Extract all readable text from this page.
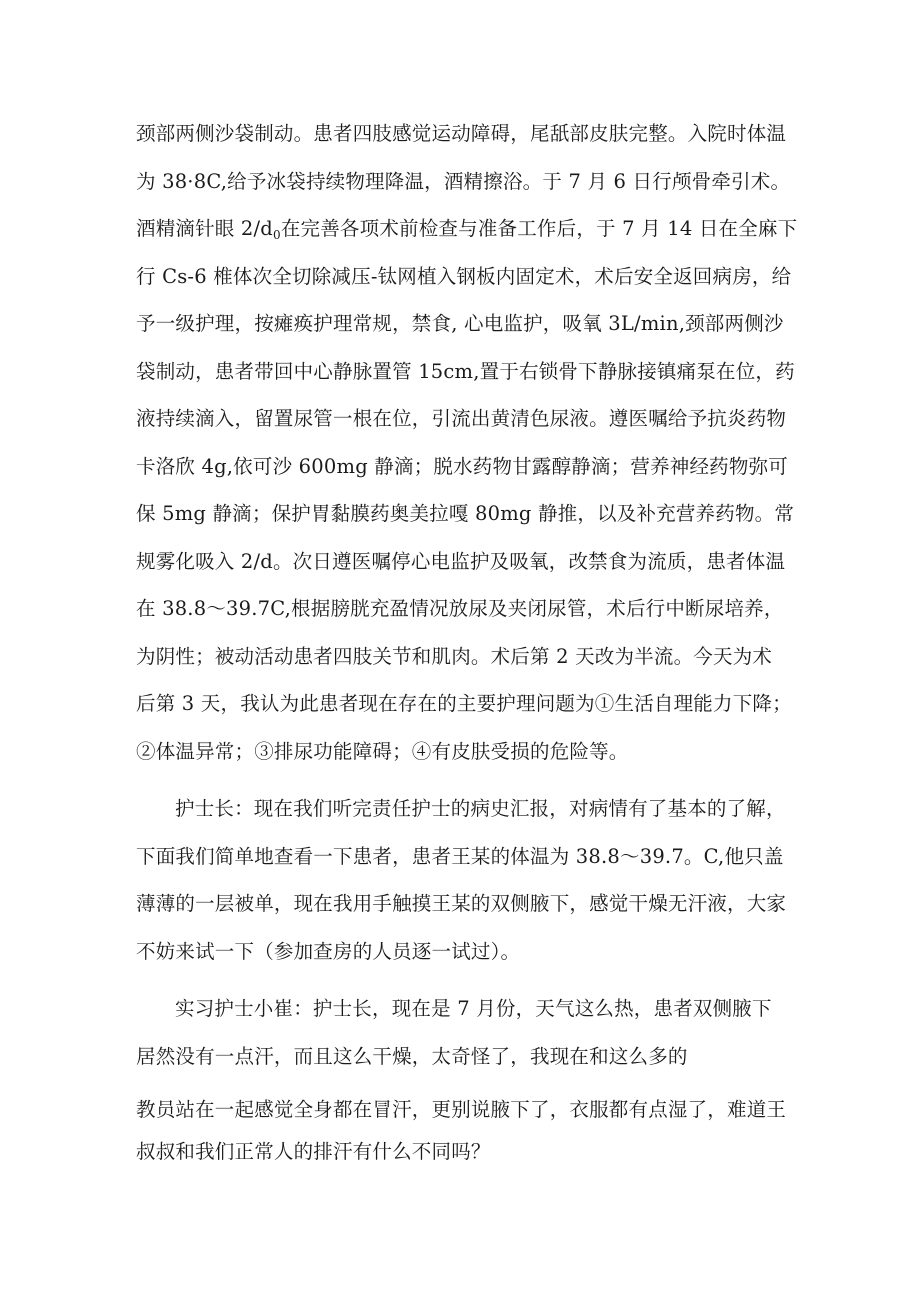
颈部两侧沙袋制动。患者四肢感觉运动障碍，尾舐部皮肤完整。入院时体温
为 38·8C,给予冰袋持续物理降温，酒精擦浴。于 7 月 6 日行颅骨牵引术。
酒精滴针眼 $2/d_0$在完善各项术前检查与准备工作后，于 7 月 14 日在全麻下
行 Cs-6 椎体次全切除减压-钛网植入钢板内固定术，术后安全返回病房，给
予一级护理，按瘫痪护理常规，禁食, 心电监护，吸氧 3L/min,颈部两侧沙
袋制动，患者带回中心静脉置管 15cm,置于右锁骨下静脉接镇痛泵在位，药
液持续滴入，留置尿管一根在位，引流出黄清色尿液。遵医嘱给予抗炎药物
卡洛欣 4g,依可沙 600mg 静滴；脱水药物甘露醇静滴；营养神经药物弥可
保 5mg 静滴；保护胃黏膜药奥美拉嘎 80mg 静推，以及补充营养药物。常
规雾化吸入 2/d。次日遵医嘱停心电监护及吸氧，改禁食为流质，患者体温
在 38.8～39.7C,根据膀胱充盈情况放尿及夹闭尿管，术后行中断尿培养，
为阴性；被动活动患者四肢关节和肌肉。术后第 2 天改为半流。今天为术
后第 3 天，我认为此患者现在存在的主要护理问题为①生活自理能力下降；
②体温异常；③排尿功能障碍；④有皮肤受损的危险等。
护士长：现在我们听完责任护士的病史汇报，对病情有了基本的了解，
下面我们简单地查看一下患者，患者王某的体温为 38.8～39.7。C,他只盖
薄薄的一层被单，现在我用手触摸王某的双侧腋下，感觉干燥无汗液，大家
不妨来试一下（参加查房的人员逐一试过）。
实习护士小崔：护士长，现在是 7 月份，天气这么热，患者双侧腋下
居然没有一点汗，而且这么干燥，太奇怪了，我现在和这么多的
教员站在一起感觉全身都在冒汗，更别说腋下了，衣服都有点湿了，难道王
叔叔和我们正常人的排汗有什么不同吗？
